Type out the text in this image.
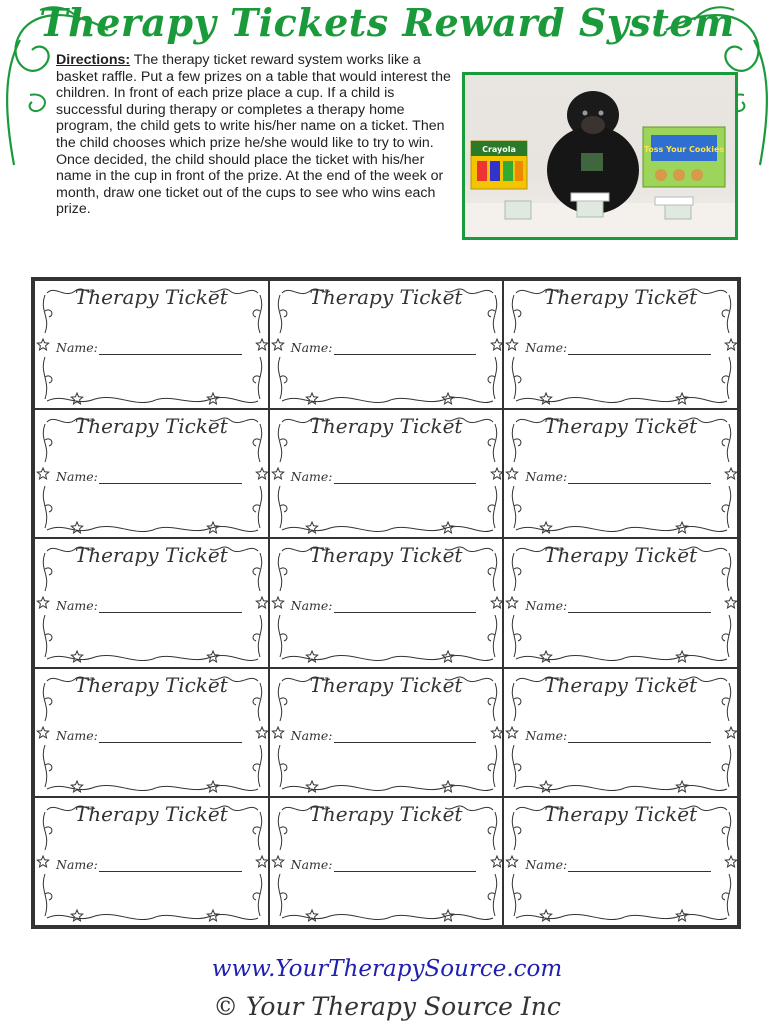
Therapy Tickets Reward System
Directions: The therapy ticket reward system works like a basket raffle. Put a few prizes on a table that would interest the children. In front of each prize place a cup. If a child is successful during therapy or completes a therapy home program, the child gets to write his/her name on a ticket. Then the child chooses which prize he/she would like to try to win. Once decided, the child should place the ticket with his/her name in the cup in front of the prize. At the end of the week or month, draw one ticket out of the cups to see who wins each prize.
Crayola	Toss Your Cookies
Therapy Ticket
Name:
Therapy Ticket
Name:
Therapy Ticket
Name:
Therapy Ticket
Name:
Therapy Ticket
Name:
Therapy Ticket
Name:
Therapy Ticket
Name:
Therapy Ticket
Name:
Therapy Ticket
Name:
Therapy Ticket
Name:
Therapy Ticket
Name:
Therapy Ticket
Name:
Therapy Ticket
Name:
Therapy Ticket
Name:
Therapy Ticket
Name:
www.YourTherapySource.com
© Your Therapy Source Inc
